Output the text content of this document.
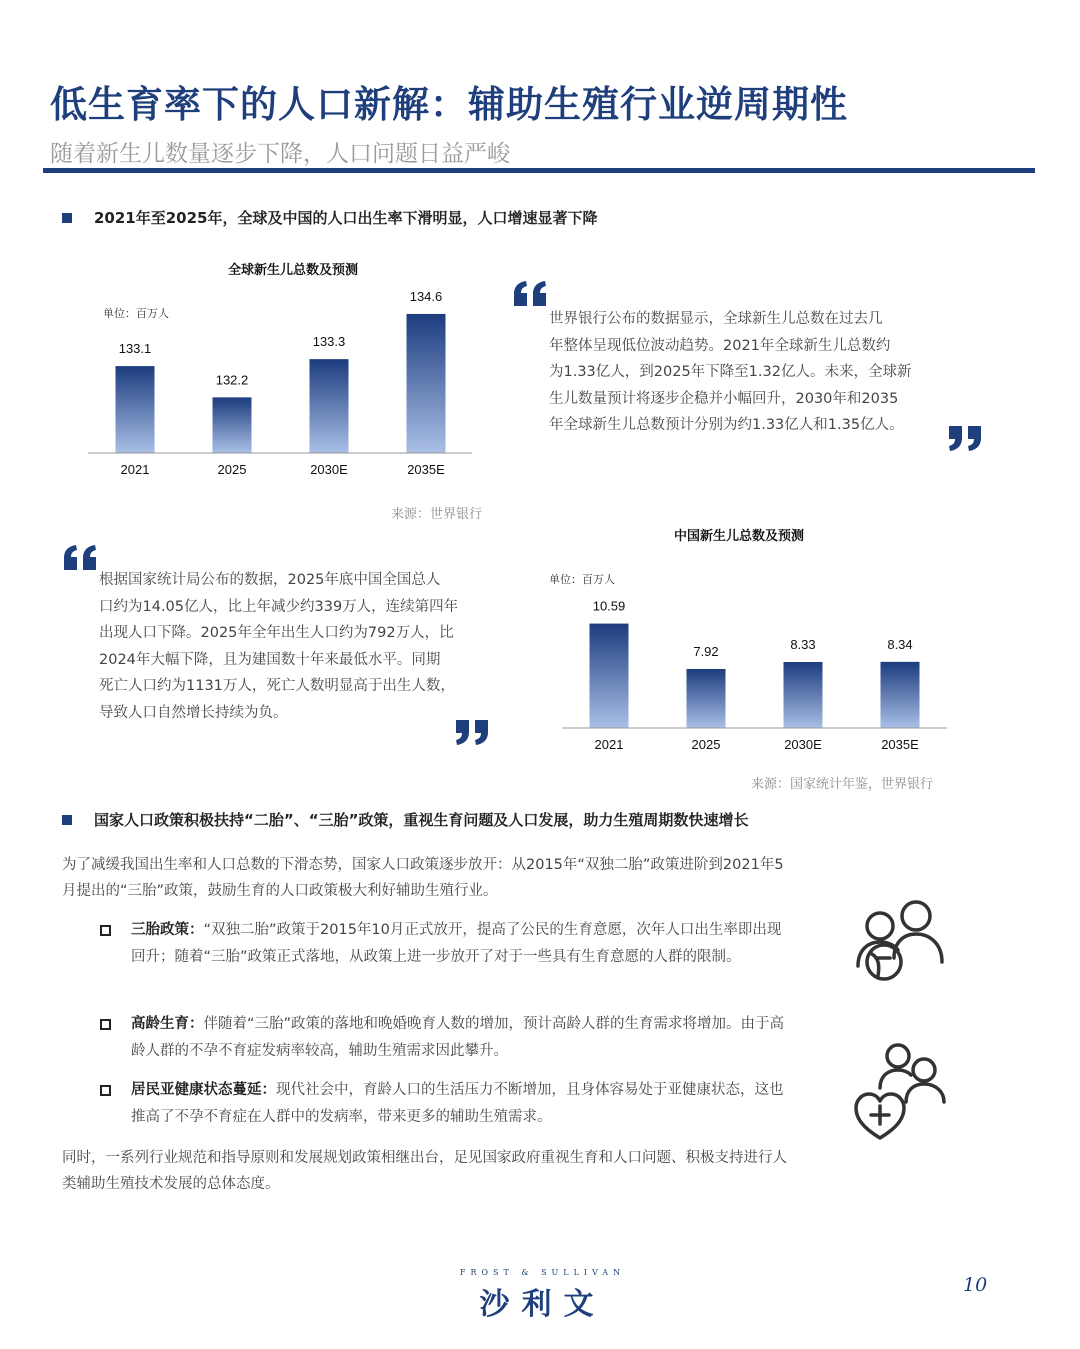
低生育率下的人口新解：辅助生殖行业逆周期性
随着新生儿数量逐步下降，人口问题日益严峻
2021年至2025年，全球及中国的人口出生率下滑明显，人口增速显著下降
全球新生儿总数及预测
单位：百万人
133.1
2021
132.2
2025
133.3
2030E
134.6
2035E
来源：世界银行
世界银行公布的数据显示，全球新生儿总数在过去几
年整体呈现低位波动趋势。2021年全球新生儿总数约
为1.33亿人，到2025年下降至1.32亿人。未来，全球新
生儿数量预计将逐步企稳并小幅回升，2030年和2035
年全球新生儿总数预计分别为约1.33亿人和1.35亿人。
中国新生儿总数及预测
单位：百万人
10.59
2021
7.92
2025
8.33
2030E
8.34
2035E
来源：国家统计年鉴，世界银行
根据国家统计局公布的数据，2025年底中国全国总人
口约为14.05亿人，比上年减少约339万人，连续第四年
出现人口下降。2025年全年出生人口约为792万人，比
2024年大幅下降，且为建国数十年来最低水平。同期
死亡人口约为1131万人，死亡人数明显高于出生人数，
导致人口自然增长持续为负。
国家人口政策积极扶持“二胎”、“三胎”政策，重视生育问题及人口发展，助力生殖周期数快速增长
为了减缓我国出生率和人口总数的下滑态势，国家人口政策逐步放开：从2015年“双独二胎”政策进阶到2021年5月提出的“三胎”政策，鼓励生育的人口政策极大利好辅助生殖行业。
三胎政策：“双独二胎”政策于2015年10月正式放开，提高了公民的生育意愿，次年人口出生率即出现回升；随着“三胎”政策正式落地，从政策上进一步放开了对于一些具有生育意愿的人群的限制。
高龄生育：伴随着“三胎”政策的落地和晚婚晚育人数的增加，预计高龄人群的生育需求将增加。由于高龄人群的不孕不育症发病率较高，辅助生殖需求因此攀升。
居民亚健康状态蔓延：现代社会中，育龄人口的生活压力不断增加，且身体容易处于亚健康状态，这也推高了不孕不育症在人群中的发病率，带来更多的辅助生殖需求。
同时，一系列行业规范和指导原则和发展规划政策相继出台，足见国家政府重视生育和人口问题、积极支持进行人类辅助生殖技术发展的总体态度。
FROST & SULLIVAN
沙利文
10
